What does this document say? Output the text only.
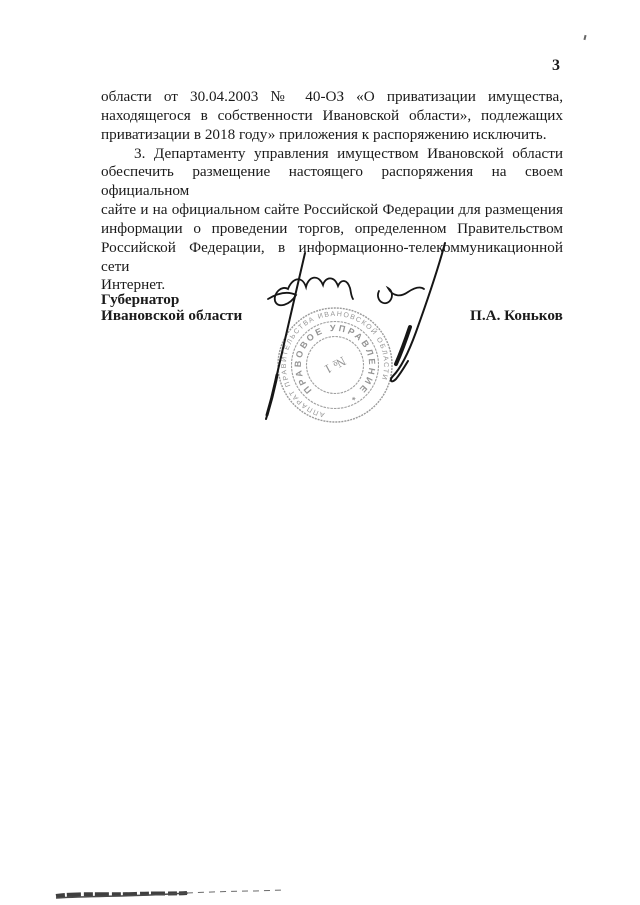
3
области от 30.04.2003 № 40-ОЗ «О приватизации имущества,
находящегося в собственности Ивановской области», подлежащих
приватизации в 2018 году» приложения к распоряжению исключить.
3. Департаменту управления имуществом Ивановской области
обеспечить размещение настоящего распоряжения на своем официальном
сайте и на официальном сайте Российской Федерации для размещения
информации о проведении торгов, определенном Правительством
Российской Федерации, в информационно-телекоммуникационной сети
Интернет.
Губернатор
Ивановской области	П.А. Коньков
АППАРАТ ПРАВИТЕЛЬСТВА ИВАНОВСКОЙ ОБЛАСТИ
ПРАВОВОЕ УПРАВЛЕНИЕ *
№ 1
